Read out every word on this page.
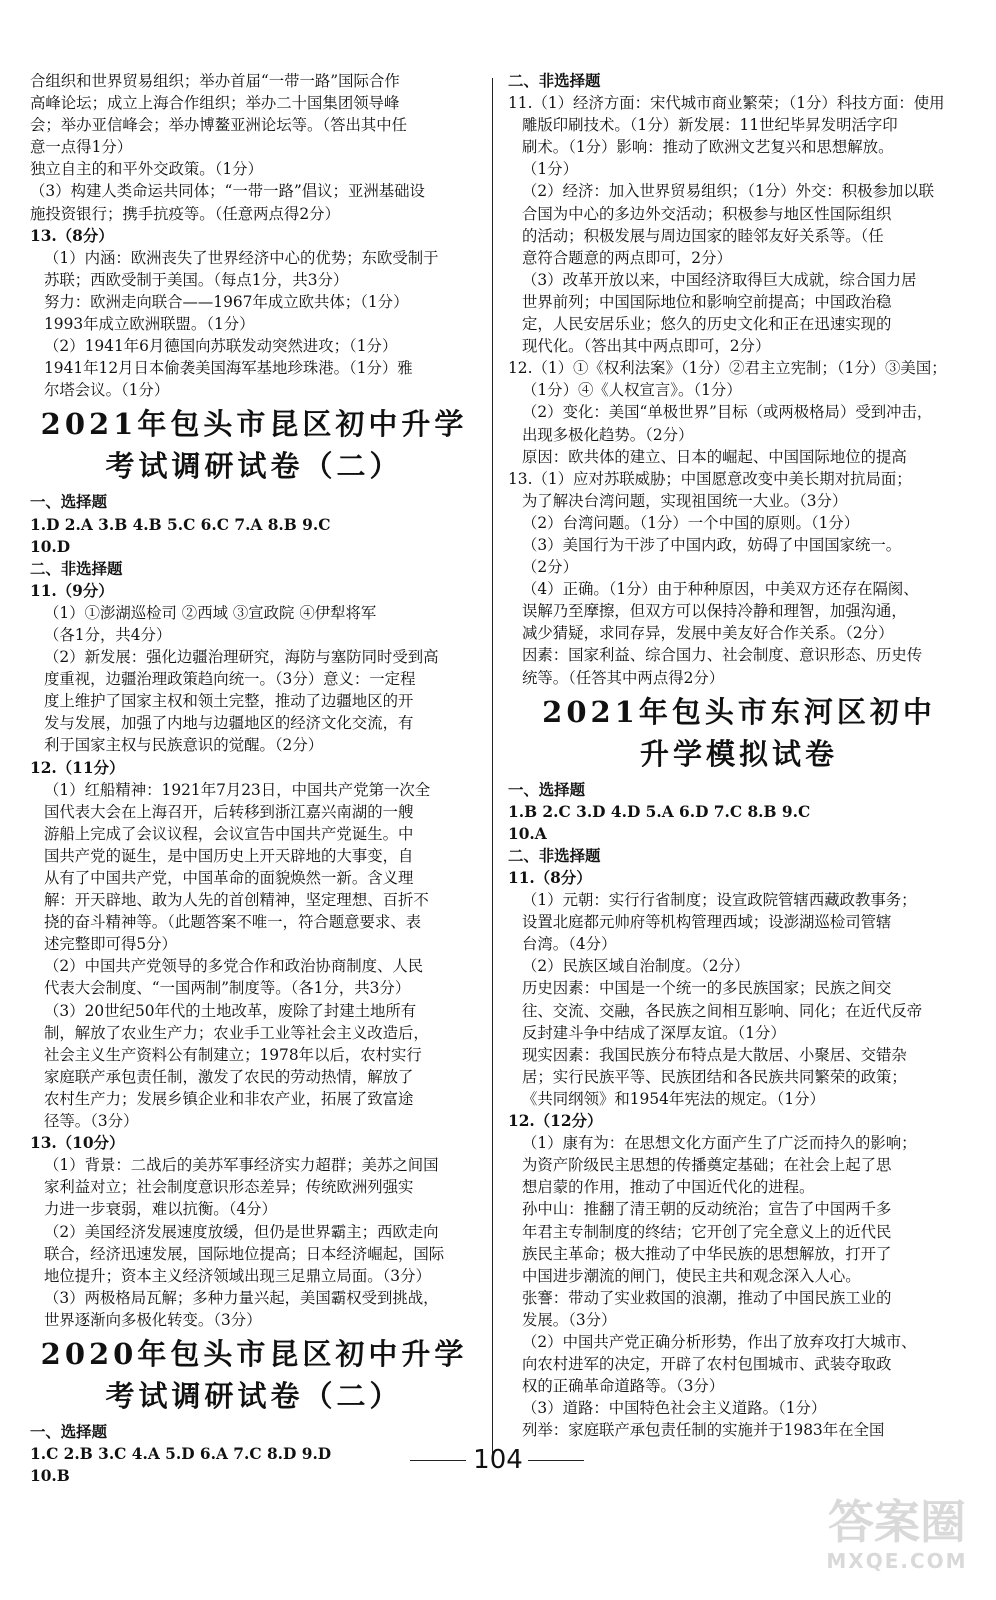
合组织和世界贸易组织；举办首届“一带一路”国际合作
高峰论坛；成立上海合作组织；举办二十国集团领导峰
会；举办亚信峰会；举办博鳌亚洲论坛等。（答出其中任
意一点得1分）
独立自主的和平外交政策。（1分）
（3）构建人类命运共同体；“一带一路”倡议；亚洲基础设
施投资银行；携手抗疫等。（任意两点得2分）
13.（8分）
（1）内涵：欧洲丧失了世界经济中心的优势；东欧受制于
苏联；西欧受制于美国。（每点1分，共3分）
努力：欧洲走向联合——1967年成立欧共体；（1分）
1993年成立欧洲联盟。（1分）
（2）1941年6月德国向苏联发动突然进攻；（1分）
1941年12月日本偷袭美国海军基地珍珠港。（1分）雅
尔塔会议。（1分）
2021年包头市昆区初中升学
考试调研试卷（二）
一、选择题
1.D 2.A 3.B 4.B 5.C 6.C 7.A 8.B 9.C
10.D
二、非选择题
11.（9分）
（1）①澎湖巡检司 ②西域 ③宣政院 ④伊犁将军
（各1分，共4分）
（2）新发展：强化边疆治理研究，海防与塞防同时受到高
度重视，边疆治理政策趋向统一。（3分）意义：一定程
度上维护了国家主权和领土完整，推动了边疆地区的开
发与发展，加强了内地与边疆地区的经济文化交流，有
利于国家主权与民族意识的觉醒。（2分）
12.（11分）
（1）红船精神：1921年7月23日，中国共产党第一次全
国代表大会在上海召开，后转移到浙江嘉兴南湖的一艘
游船上完成了会议议程，会议宣告中国共产党诞生。中
国共产党的诞生，是中国历史上开天辟地的大事变，自
从有了中国共产党，中国革命的面貌焕然一新。含义理
解：开天辟地、敢为人先的首创精神，坚定理想、百折不
挠的奋斗精神等。（此题答案不唯一，符合题意要求、表
述完整即可得5分）
（2）中国共产党领导的多党合作和政治协商制度、人民
代表大会制度、“一国两制”制度等。（各1分，共3分）
（3）20世纪50年代的土地改革，废除了封建土地所有
制，解放了农业生产力；农业手工业等社会主义改造后，
社会主义生产资料公有制建立；1978年以后，农村实行
家庭联产承包责任制，激发了农民的劳动热情，解放了
农村生产力；发展乡镇企业和非农产业，拓展了致富途
径等。（3分）
13.（10分）
（1）背景：二战后的美苏军事经济实力超群；美苏之间国
家利益对立；社会制度意识形态差异；传统欧洲列强实
力进一步衰弱，难以抗衡。（4分）
（2）美国经济发展速度放缓，但仍是世界霸主；西欧走向
联合，经济迅速发展，国际地位提高；日本经济崛起，国际
地位提升；资本主义经济领域出现三足鼎立局面。（3分）
（3）两极格局瓦解；多种力量兴起，美国霸权受到挑战，
世界逐渐向多极化转变。（3分）
2020年包头市昆区初中升学
考试调研试卷（二）
一、选择题
1.C 2.B 3.C 4.A 5.D 6.A 7.C 8.D 9.D
10.B
二、非选择题
11.（1）经济方面：宋代城市商业繁荣；（1分）科技方面：使用
雕版印刷技术。（1分）新发展：11世纪毕昇发明活字印
刷术。（1分）影响：推动了欧洲文艺复兴和思想解放。
（1分）
（2）经济：加入世界贸易组织；（1分）外交：积极参加以联
合国为中心的多边外交活动；积极参与地区性国际组织
的活动；积极发展与周边国家的睦邻友好关系等。（任
意符合题意的两点即可，2分）
（3）改革开放以来，中国经济取得巨大成就，综合国力居
世界前列；中国国际地位和影响空前提高；中国政治稳
定，人民安居乐业；悠久的历史文化和正在迅速实现的
现代化。（答出其中两点即可，2分）
12.（1）①《权利法案》（1分）②君主立宪制；（1分）③美国；
（1分）④《人权宣言》。（1分）
（2）变化：美国“单极世界”目标（或两极格局）受到冲击，
出现多极化趋势。（2分）
原因：欧共体的建立、日本的崛起、中国国际地位的提高
13.（1）应对苏联威胁；中国愿意改变中美长期对抗局面；
为了解决台湾问题，实现祖国统一大业。（3分）
（2）台湾问题。（1分）一个中国的原则。（1分）
（3）美国行为干涉了中国内政，妨碍了中国国家统一。
（2分）
（4）正确。（1分）由于种种原因，中美双方还存在隔阂、
误解乃至摩擦，但双方可以保持冷静和理智，加强沟通，
减少猜疑，求同存异，发展中美友好合作关系。（2分）
因素：国家利益、综合国力、社会制度、意识形态、历史传
统等。（任答其中两点得2分）
2021年包头市东河区初中
升学模拟试卷
一、选择题
1.B 2.C 3.D 4.D 5.A 6.D 7.C 8.B 9.C
10.A
二、非选择题
11.（8分）
（1）元朝：实行行省制度；设宣政院管辖西藏政教事务；
设置北庭都元帅府等机构管理西域；设澎湖巡检司管辖
台湾。（4分）
（2）民族区域自治制度。（2分）
历史因素：中国是一个统一的多民族国家；民族之间交
往、交流、交融，各民族之间相互影响、同化；在近代反帝
反封建斗争中结成了深厚友谊。（1分）
现实因素：我国民族分布特点是大散居、小聚居、交错杂
居；实行民族平等、民族团结和各民族共同繁荣的政策；
《共同纲领》和1954年宪法的规定。（1分）
12.（12分）
（1）康有为：在思想文化方面产生了广泛而持久的影响；
为资产阶级民主思想的传播奠定基础；在社会上起了思
想启蒙的作用，推动了中国近代化的进程。
孙中山：推翻了清王朝的反动统治；宣告了中国两千多
年君主专制制度的终结；它开创了完全意义上的近代民
族民主革命；极大推动了中华民族的思想解放，打开了
中国进步潮流的闸门，使民主共和观念深入人心。
张謇：带动了实业救国的浪潮，推动了中国民族工业的
发展。（3分）
（2）中国共产党正确分析形势，作出了放弃攻打大城市、
向农村进军的决定，开辟了农村包围城市、武装夺取政
权的正确革命道路等。（3分）
（3）道路：中国特色社会主义道路。（1分）
列举：家庭联产承包责任制的实施并于1983年在全国
104
答案圈
MXQE.COM
